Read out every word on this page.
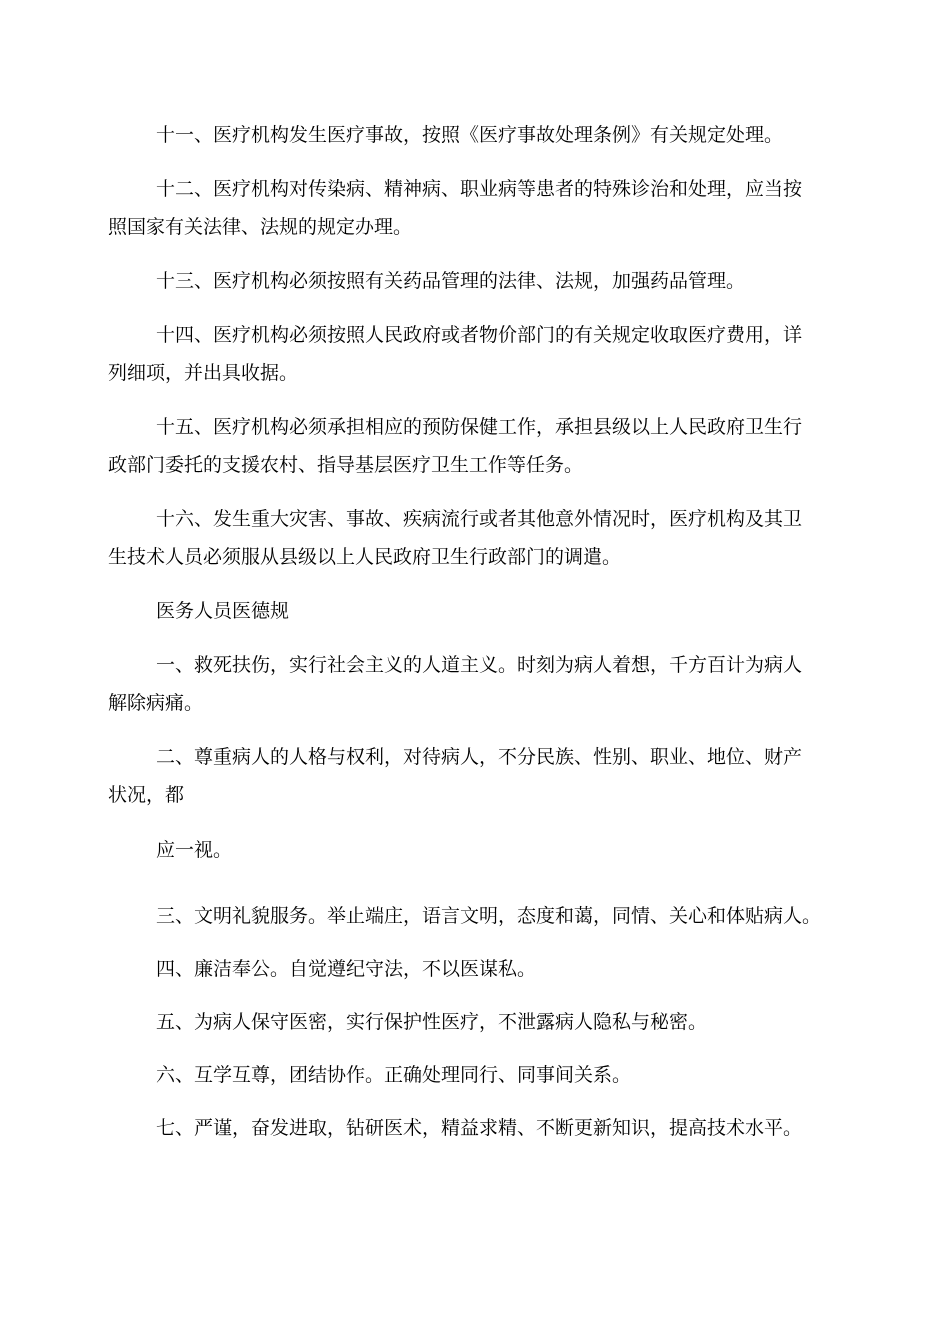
十一、医疗机构发生医疗事故，按照《医疗事故处理条例》有关规定处理。
十二、医疗机构对传染病、精神病、职业病等患者的特殊诊治和处理，应当按
照国家有关法律、法规的规定办理。
十三、医疗机构必须按照有关药品管理的法律、法规，加强药品管理。
十四、医疗机构必须按照人民政府或者物价部门的有关规定收取医疗费用，详
列细项，并出具收据。
十五、医疗机构必须承担相应的预防保健工作，承担县级以上人民政府卫生行
政部门委托的支援农村、指导基层医疗卫生工作等任务。
十六、发生重大灾害、事故、疾病流行或者其他意外情况时，医疗机构及其卫
生技术人员必须服从县级以上人民政府卫生行政部门的调遣。
医务人员医德规
一、救死扶伤，实行社会主义的人道主义。时刻为病人着想，千方百计为病人
解除病痛。
二、尊重病人的人格与权利，对待病人，不分民族、性别、职业、地位、财产
状况，都
应一视。
三、文明礼貌服务。举止端庄，语言文明，态度和蔼，同情、关心和体贴病人。
四、廉洁奉公。自觉遵纪守法，不以医谋私。
五、为病人保守医密，实行保护性医疗，不泄露病人隐私与秘密。
六、互学互尊，团结协作。正确处理同行、同事间关系。
七、严谨，奋发进取，钻研医术，精益求精、不断更新知识，提高技术水平。
